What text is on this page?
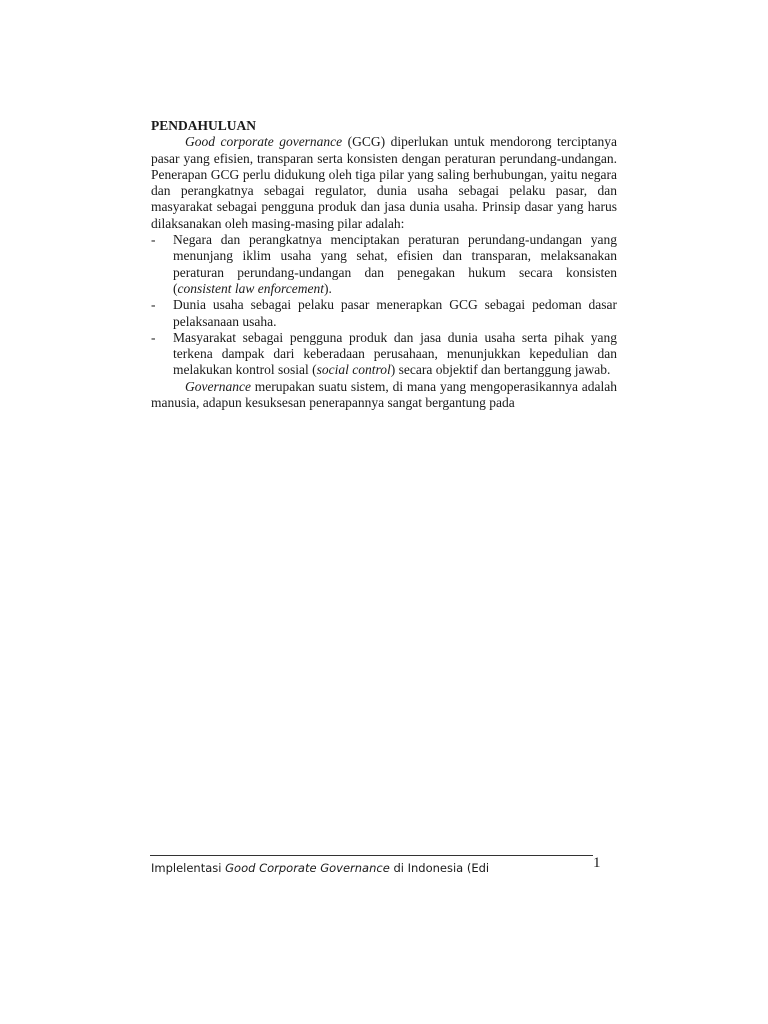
PENDAHULUAN

Good corporate governance (GCG) diperlukan untuk mendorong terciptanya pasar yang efisien, transparan serta konsisten dengan peraturan perundang-undangan. Penerapan GCG perlu didukung oleh tiga pilar yang saling berhubungan, yaitu negara dan perangkatnya sebagai regulator, dunia usaha sebagai pelaku pasar, dan masyarakat sebagai pengguna produk dan jasa dunia usaha. Prinsip dasar yang harus dilaksanakan oleh masing-masing pilar adalah:

- Negara dan perangkatnya menciptakan peraturan perundang-undangan yang menunjang iklim usaha yang sehat, efisien dan transparan, melaksanakan peraturan perundang-undangan dan penegakan hukum secara konsisten (consistent law enforcement).
- Dunia usaha sebagai pelaku pasar menerapkan GCG sebagai pedoman dasar pelaksanaan usaha.
- Masyarakat sebagai pengguna produk dan jasa dunia usaha serta pihak yang terkena dampak dari keberadaan perusahaan, menunjukkan kepedulian dan melakukan kontrol sosial (social control) secara objektif dan bertanggung jawab.

Governance merupakan suatu sistem, di mana yang mengoperasikannya adalah manusia, adapun kesuksesan penerapannya sangat bergantung pada

Implelentasi Good Corporate Governance di Indonesia (Edi	1
